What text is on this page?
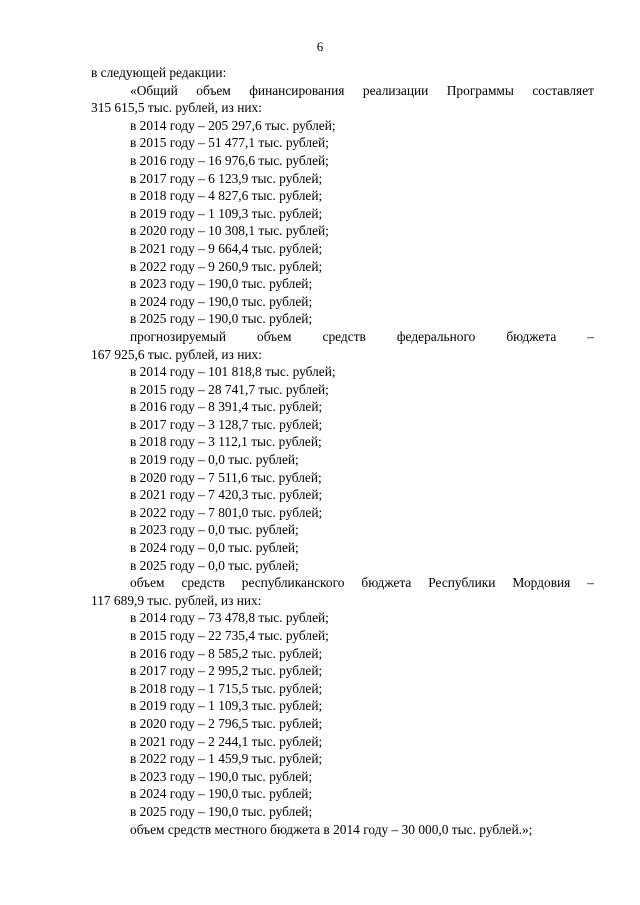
6
в следующей редакции:
«Общий объем финансирования реализации Программы составляет
315 615,5 тыс. рублей, из них:
в 2014 году – 205 297,6 тыс. рублей;
в 2015 году – 51 477,1 тыс. рублей;
в 2016 году – 16 976,6 тыс. рублей;
в 2017 году – 6 123,9 тыс. рублей;
в 2018 году – 4 827,6 тыс. рублей;
в 2019 году – 1 109,3 тыс. рублей;
в 2020 году – 10 308,1 тыс. рублей;
в 2021 году – 9 664,4 тыс. рублей;
в 2022 году – 9 260,9 тыс. рублей;
в 2023 году – 190,0 тыс. рублей;
в 2024 году – 190,0 тыс. рублей;
в 2025 году – 190,0 тыс. рублей;
прогнозируемый объем средств федерального бюджета –
167 925,6 тыс. рублей, из них:
в 2014 году – 101 818,8 тыс. рублей;
в 2015 году – 28 741,7 тыс. рублей;
в 2016 году – 8 391,4 тыс. рублей;
в 2017 году – 3 128,7 тыс. рублей;
в 2018 году – 3 112,1 тыс. рублей;
в 2019 году – 0,0 тыс. рублей;
в 2020 году – 7 511,6 тыс. рублей;
в 2021 году – 7 420,3 тыс. рублей;
в 2022 году – 7 801,0 тыс. рублей;
в 2023 году – 0,0 тыс. рублей;
в 2024 году – 0,0 тыс. рублей;
в 2025 году – 0,0 тыс. рублей;
объем средств республиканского бюджета Республики Мордовия –
117 689,9 тыс. рублей, из них:
в 2014 году – 73 478,8 тыс. рублей;
в 2015 году – 22 735,4 тыс. рублей;
в 2016 году – 8 585,2 тыс. рублей;
в 2017 году – 2 995,2 тыс. рублей;
в 2018 году – 1 715,5 тыс. рублей;
в 2019 году – 1 109,3 тыс. рублей;
в 2020 году – 2 796,5 тыс. рублей;
в 2021 году – 2 244,1 тыс. рублей;
в 2022 году – 1 459,9 тыс. рублей;
в 2023 году – 190,0 тыс. рублей;
в 2024 году – 190,0 тыс. рублей;
в 2025 году – 190,0 тыс. рублей;
объем средств местного бюджета в 2014 году – 30 000,0 тыс. рублей.»;
